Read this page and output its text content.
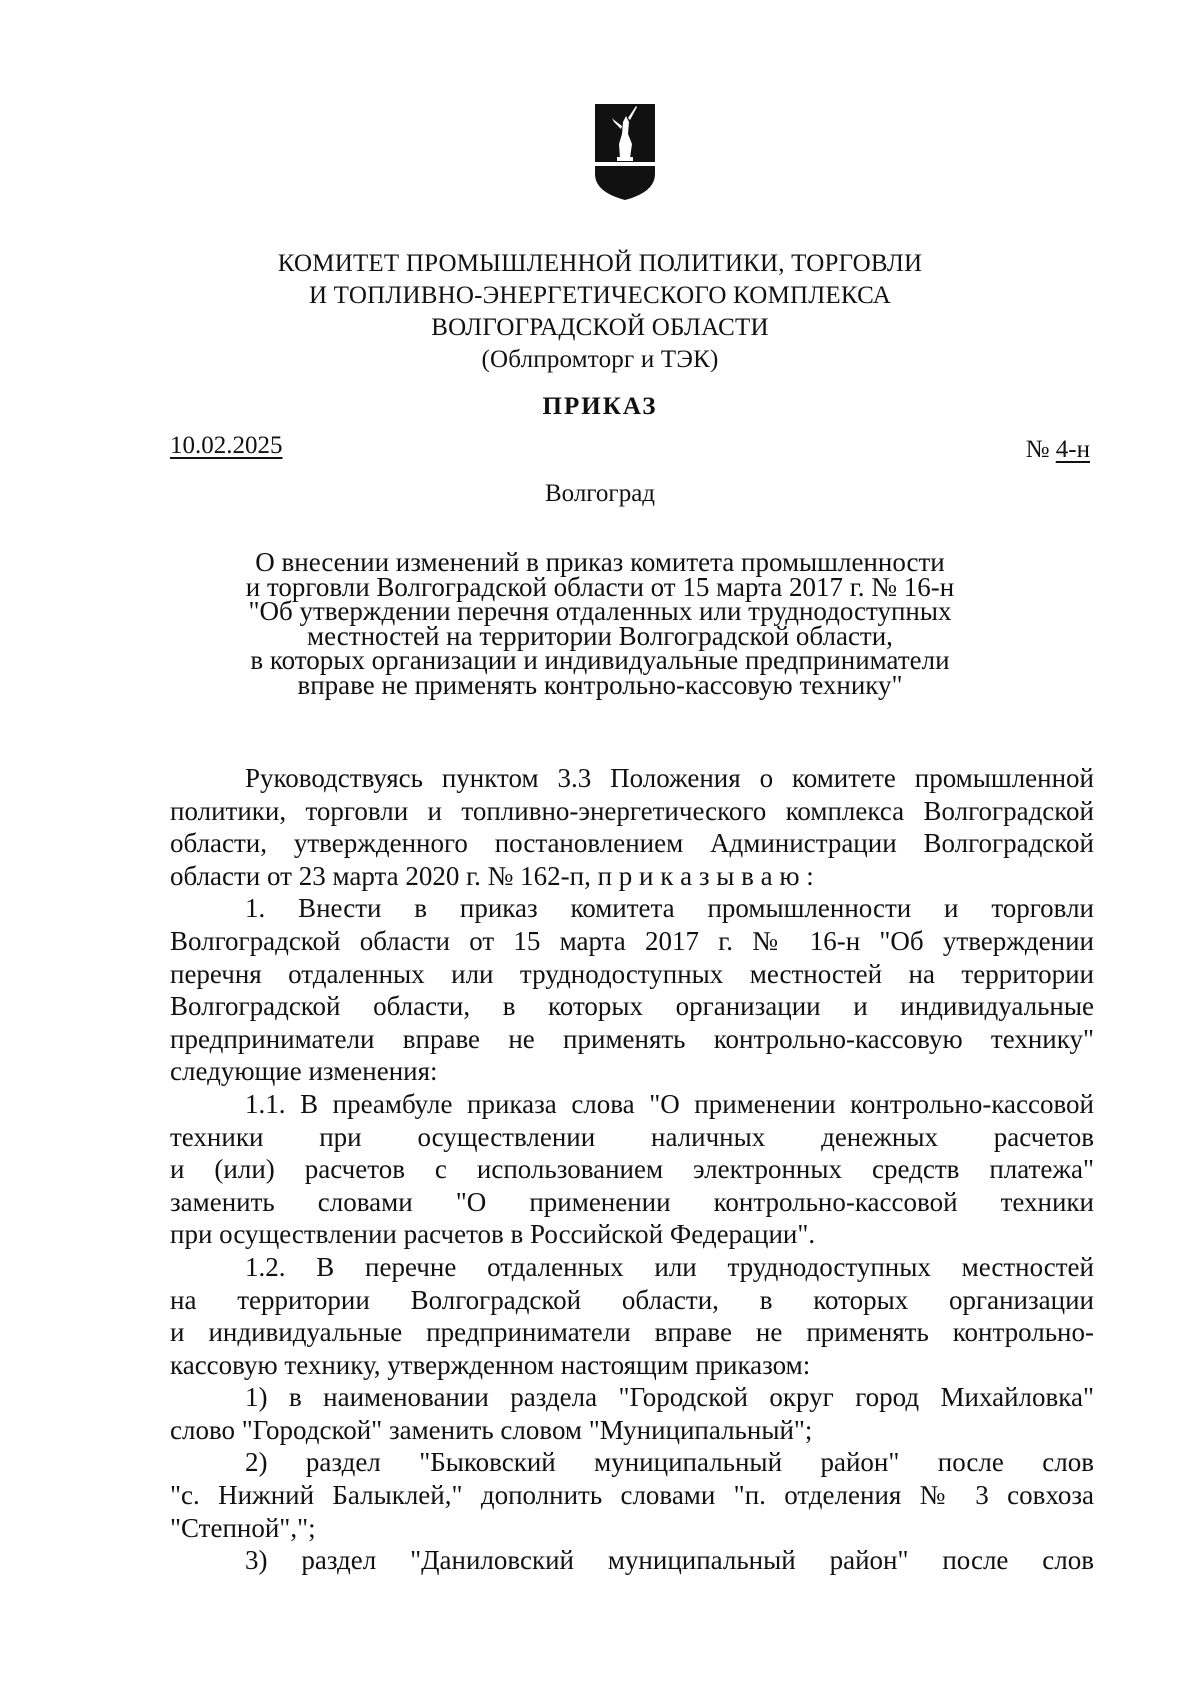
КОМИТЕТ ПРОМЫШЛЕННОЙ ПОЛИТИКИ, ТОРГОВЛИ
И ТОПЛИВНО-ЭНЕРГЕТИЧЕСКОГО КОМПЛЕКСА
ВОЛГОГРАДСКОЙ ОБЛАСТИ
(Облпромторг и ТЭК)
ПРИКАЗ
10.02.2025	№ 4-н
Волгоград
О внесении изменений в приказ комитета промышленности
и торговли Волгоградской области от 15 марта 2017 г. № 16-н
"Об утверждении перечня отдаленных или труднодоступных
местностей на территории Волгоградской области,
в которых организации и индивидуальные предприниматели
вправе не применять контрольно-кассовую технику"
Руководствуясь пунктом 3.3 Положения о комитете промышленной
политики, торговли и топливно-энергетического комплекса Волгоградской
области, утвержденного постановлением Администрации Волгоградской
области от 23 марта 2020 г. № 162-п, п р и к а з ы в а ю :
1. Внести в приказ комитета промышленности и торговли
Волгоградской области от 15 марта 2017 г. № 16-н "Об утверждении
перечня отдаленных или труднодоступных местностей на территории
Волгоградской области, в которых организации и индивидуальные
предприниматели вправе не применять контрольно-кассовую технику"
следующие изменения:
1.1. В преамбуле приказа слова "О применении контрольно-кассовой
техники при осуществлении наличных денежных расчетов
и (или) расчетов с использованием электронных средств платежа"
заменить словами "О применении контрольно-кассовой техники
при осуществлении расчетов в Российской Федерации".
1.2. В перечне отдаленных или труднодоступных местностей
на территории Волгоградской области, в которых организации
и индивидуальные предприниматели вправе не применять контрольно-
кассовую технику, утвержденном настоящим приказом:
1) в наименовании раздела "Городской округ город Михайловка"
слово "Городской" заменить словом "Муниципальный";
2) раздел "Быковский муниципальный район" после слов
"с. Нижний Балыклей," дополнить словами "п. отделения № 3 совхоза
"Степной",";
3) раздел "Даниловский муниципальный район" после слов
